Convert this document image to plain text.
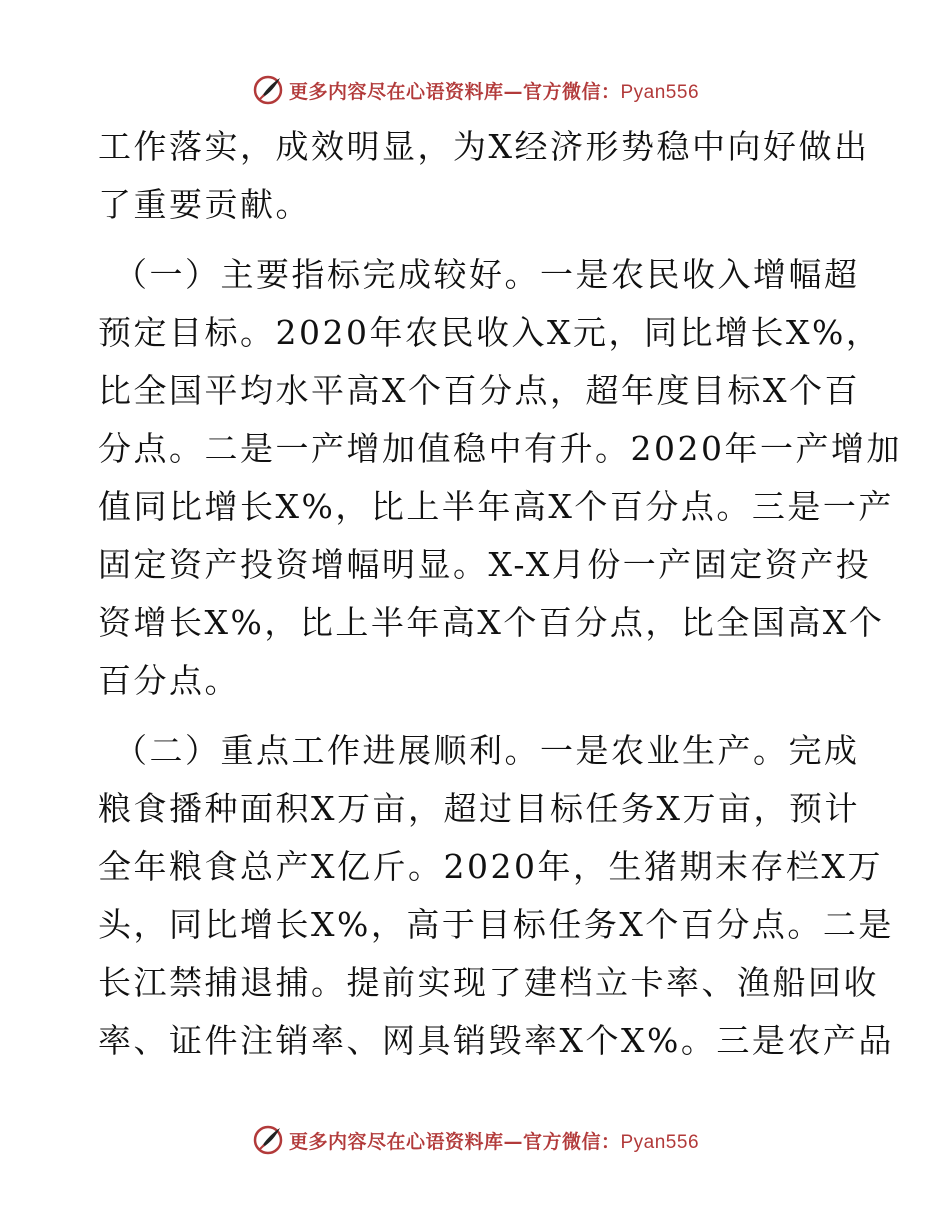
更多内容尽在心语资料库—官方微信：Pyan556

工作落实，成效明显，为X经济形势稳中向好做出
了重要贡献。

（一）主要指标完成较好。一是农民收入增幅超
预定目标。2020年农民收入X元，同比增长X%，
比全国平均水平高X个百分点，超年度目标X个百
分点。二是一产增加值稳中有升。2020年一产增加
值同比增长X%，比上半年高X个百分点。三是一产
固定资产投资增幅明显。X-X月份一产固定资产投
资增长X%，比上半年高X个百分点，比全国高X个
百分点。

（二）重点工作进展顺利。一是农业生产。完成
粮食播种面积X万亩，超过目标任务X万亩，预计
全年粮食总产X亿斤。2020年，生猪期末存栏X万
头，同比增长X%，高于目标任务X个百分点。二是
长江禁捕退捕。提前实现了建档立卡率、渔船回收
率、证件注销率、网具销毁率X个X%。三是农产品

更多内容尽在心语资料库—官方微信：Pyan556
